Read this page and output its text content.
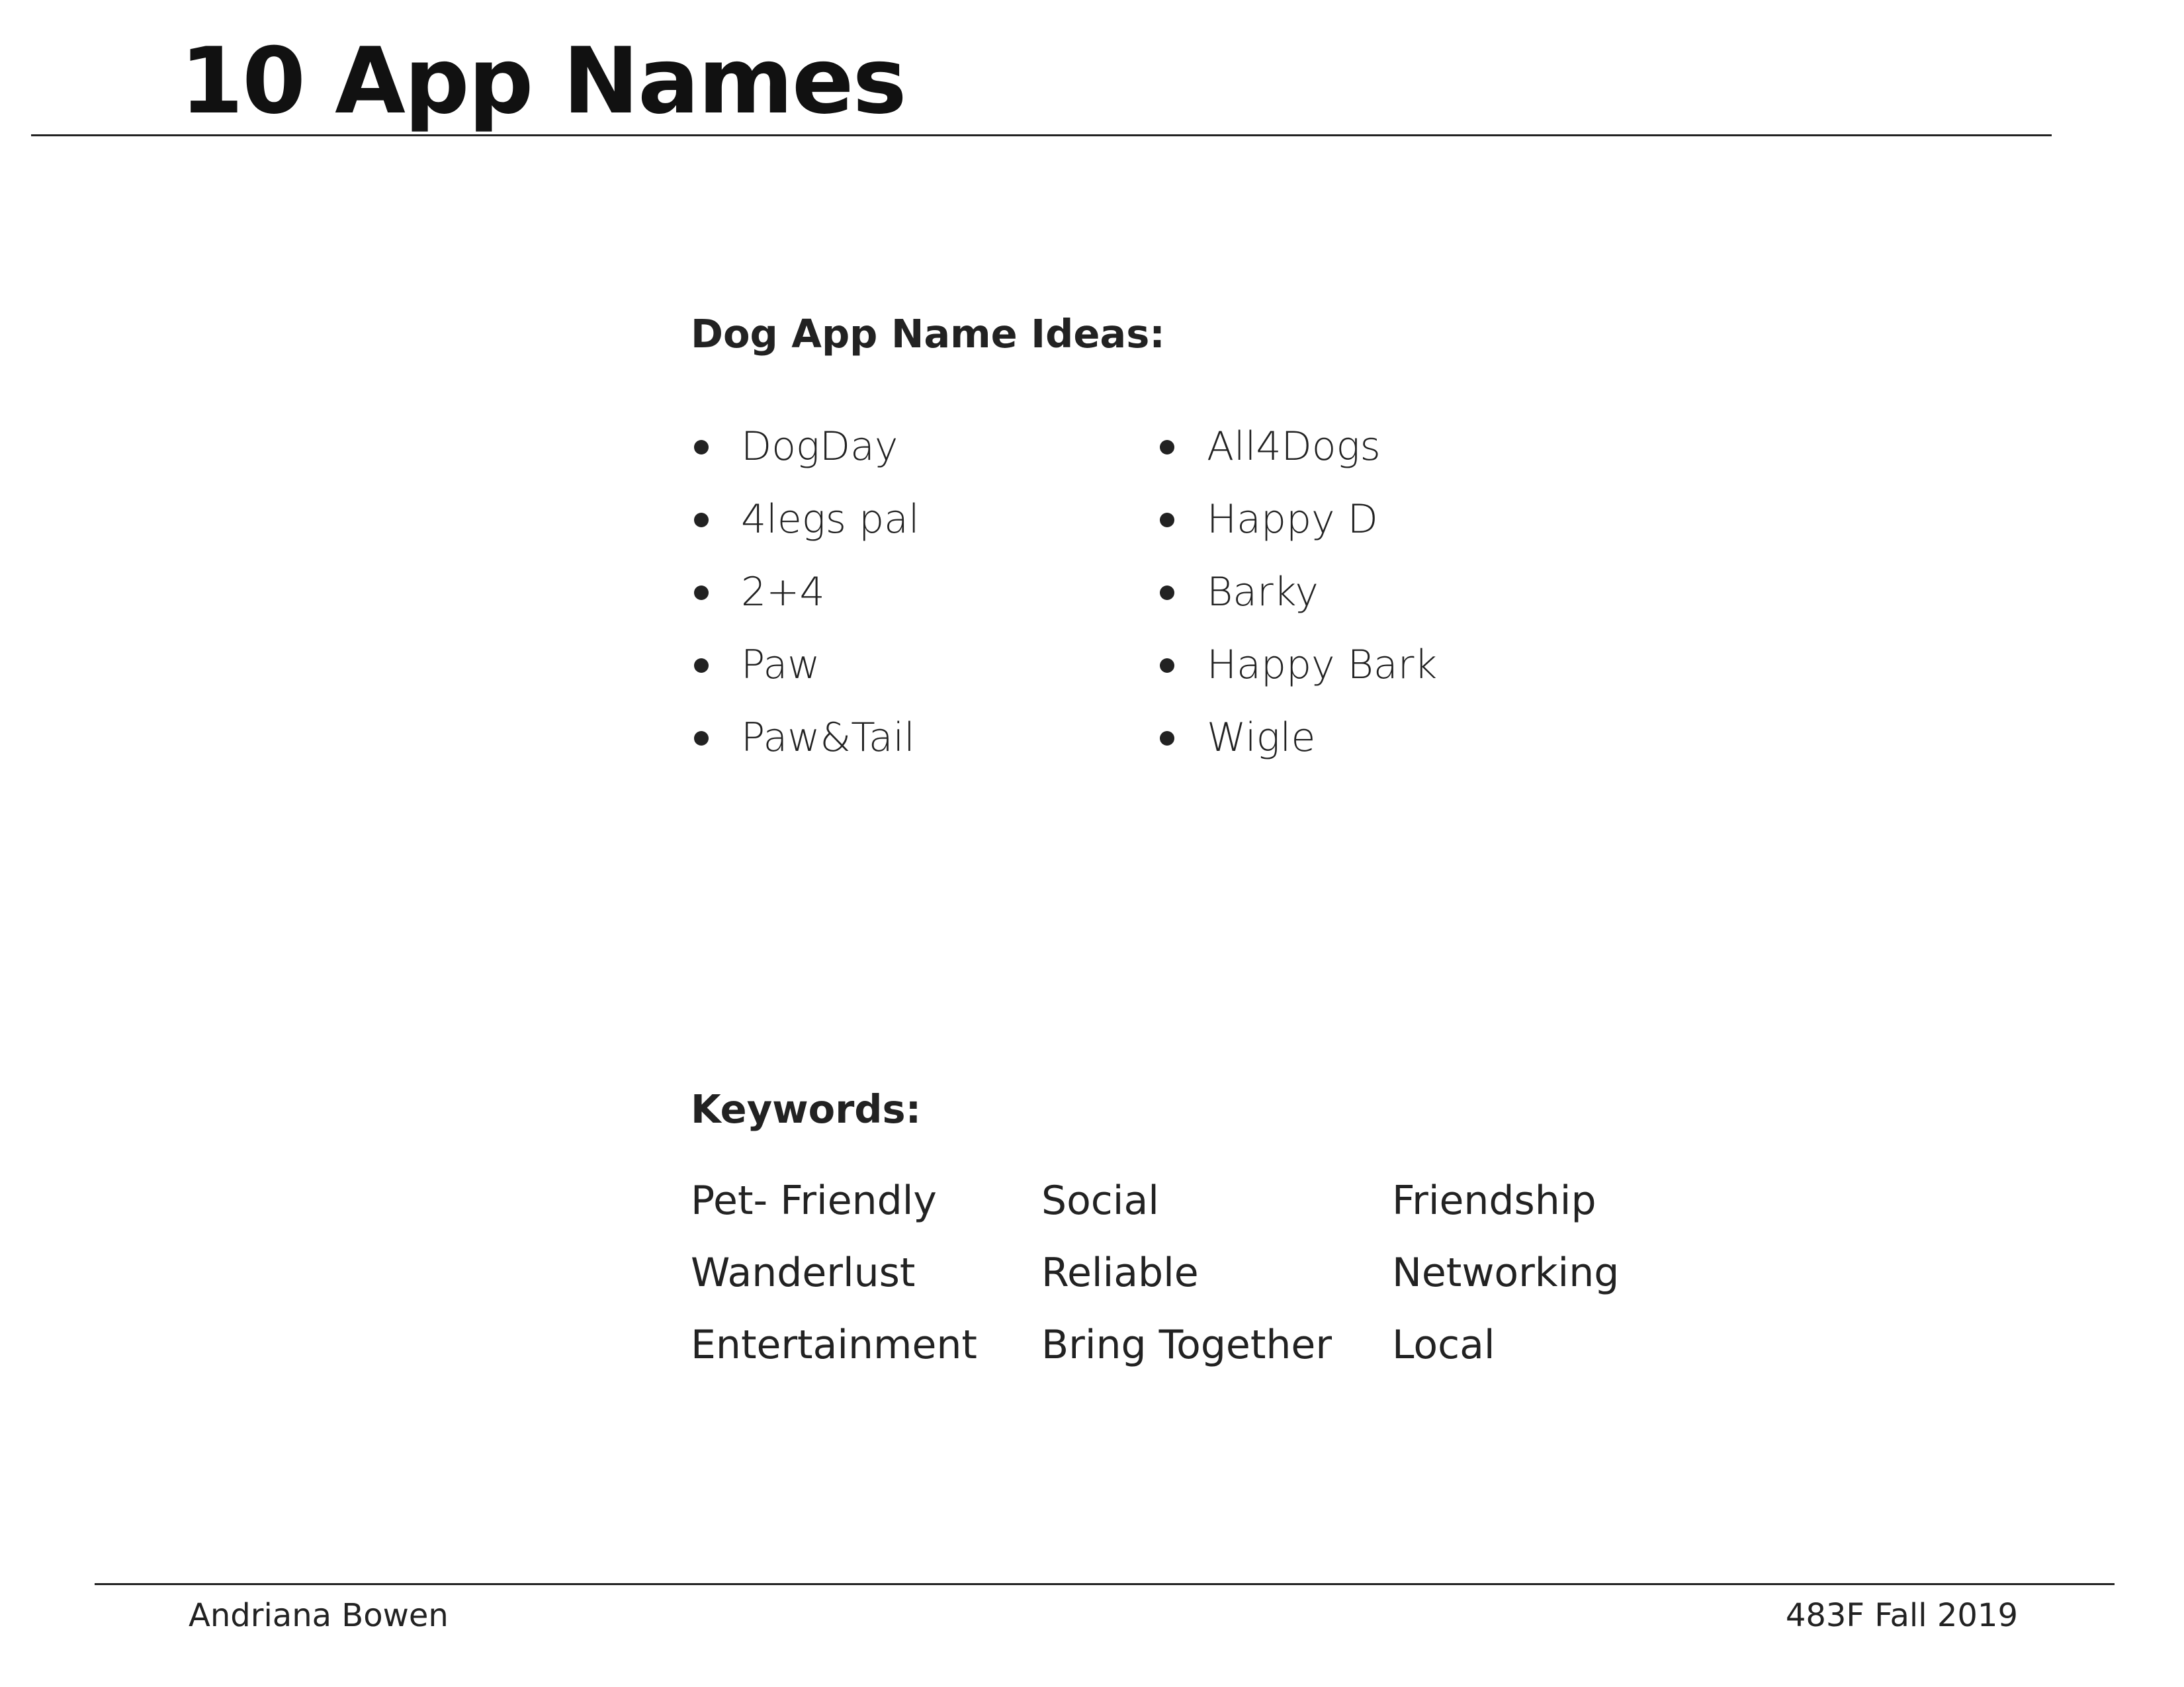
10 App Names
Dog App Name Ideas:
DogDay
4legs pal
2+4
Paw
Paw&Tail
All4Dogs
Happy D
Barky
Happy Bark
Wigle
Keywords:
Pet- Friendly	Social	Friendship
Wanderlust	Reliable	Networking
Entertainment	Bring Together	Local
Andriana Bowen	483F Fall 2019
